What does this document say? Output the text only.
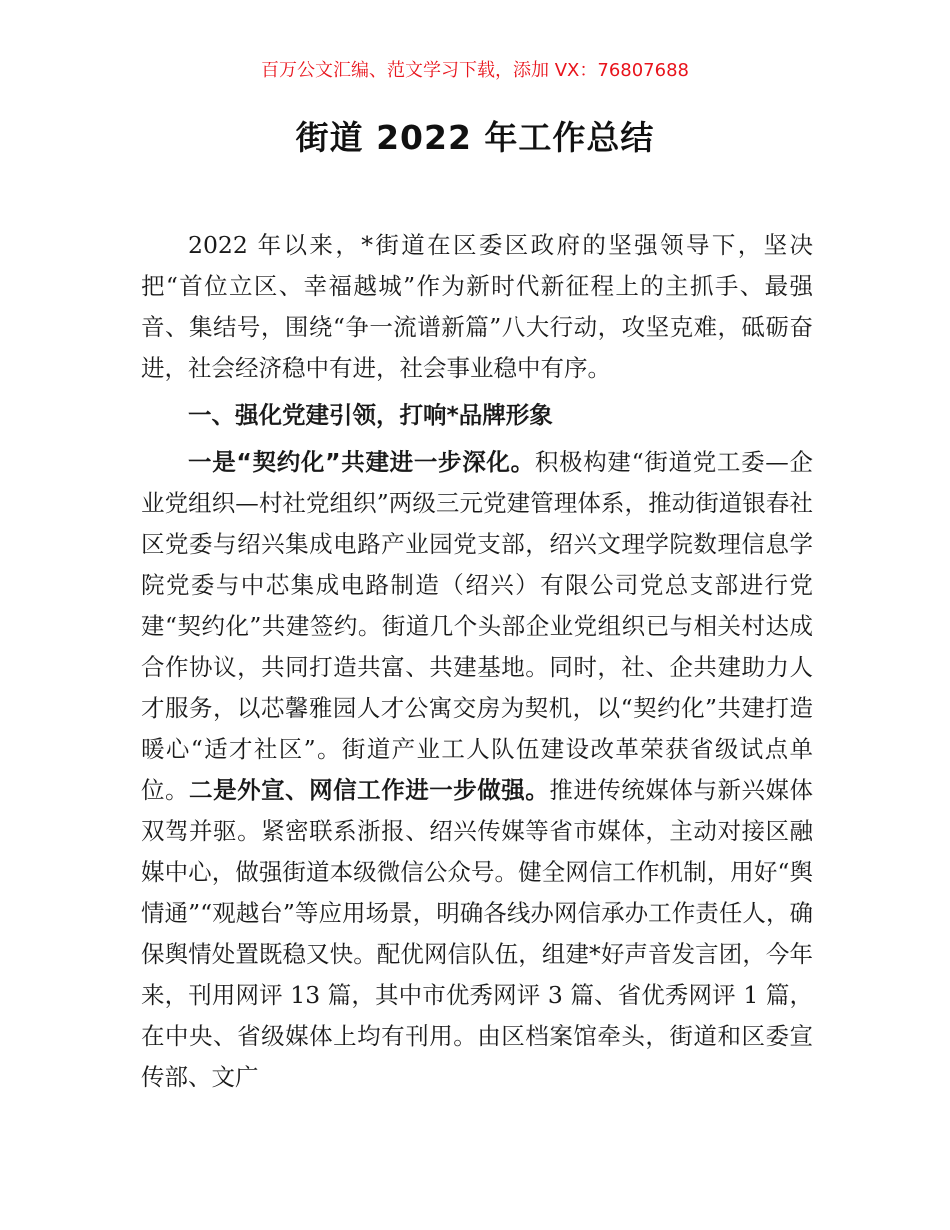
百万公文汇编、范文学习下载，添加 VX：76807688
街道 2022 年工作总结

2022 年以来，*街道在区委区政府的坚强领导下，坚决把“首位立区、幸福越城”作为新时代新征程上的主抓手、最强音、集结号，围绕“争一流谱新篇”八大行动，攻坚克难，砥砺奋进，社会经济稳中有进，社会事业稳中有序。

一、强化党建引领，打响*品牌形象

一是“契约化”共建进一步深化。积极构建“街道党工委—企业党组织—村社党组织”两级三元党建管理体系，推动街道银春社区党委与绍兴集成电路产业园党支部，绍兴文理学院数理信息学院党委与中芯集成电路制造（绍兴）有限公司党总支部进行党建“契约化”共建签约。街道几个头部企业党组织已与相关村达成合作协议，共同打造共富、共建基地。同时，社、企共建助力人才服务，以芯馨雅园人才公寓交房为契机，以“契约化”共建打造暖心“适才社区”。街道产业工人队伍建设改革荣获省级试点单位。二是外宣、网信工作进一步做强。推进传统媒体与新兴媒体双驾并驱。紧密联系浙报、绍兴传媒等省市媒体，主动对接区融媒中心，做强街道本级微信公众号。健全网信工作机制，用好“舆情通”“观越台”等应用场景，明确各线办网信承办工作责任人，确保舆情处置既稳又快。配优网信队伍，组建*好声音发言团，今年来，刊用网评 13 篇，其中市优秀网评 3 篇、省优秀网评 1 篇，在中央、省级媒体上均有刊用。由区档案馆牵头，街道和区委宣传部、文广
